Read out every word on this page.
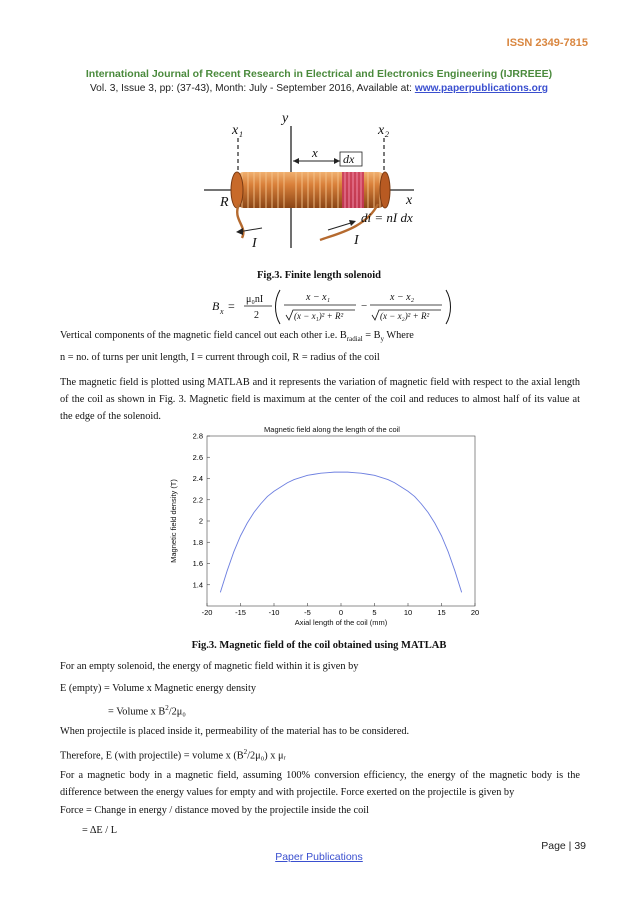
ISSN 2349-7815
International Journal of Recent Research in Electrical and Electronics Engineering (IJRREEE)
Vol. 3, Issue 3, pp: (37-43), Month: July - September 2016, Available at: www.paperpublications.org
x₁
y
x₂
x dx
x
R
I	I
di = nI dx
Fig.3. Finite length solenoid
B x = μ₀nI
2
x − x₁
(x − x₁)² + R²
−
x − x₂
(x − x₂)² + R²
Vertical components of the magnetic field cancel out each other i.e. $B_{radial} = B_y$ Where
n = no. of turns per unit length, I = current through coil, R = radius of the coil
The magnetic field is plotted using MATLAB and it represents the variation of magnetic field with respect to the axial length of the coil as shown in Fig. 3. Magnetic field is maximum at the center of the coil and reduces to almost half of its value at the edge of the solenoid.
Magnetic field along the length of the coil
-20	-15	-10	-5	0	5	10	15	20
1.4
1.6
1.8
2
2.2
2.4
2.6
2.8
Axial length of the coil (mm)
Magnetic field density (T)
Fig.3. Magnetic field of the coil obtained using MATLAB
For an empty solenoid, the energy of magnetic field within it is given by
E (empty) = Volume x Magnetic energy density
= Volume x $B^2/2\mu_0$
When projectile is placed inside it, permeability of the material has to be considered.
Therefore, E (with projectile) = volume x $(B^2/2\mu_0)$ x μᵣ
For a magnetic body in a magnetic field, assuming 100% conversion efficiency, the energy of the magnetic body is the difference between the energy values for empty and with projectile. Force exerted on the projectile is given by
Force = Change in energy / distance moved by the projectile inside the coil
= ΔE / L
Page | 39
Paper Publications
